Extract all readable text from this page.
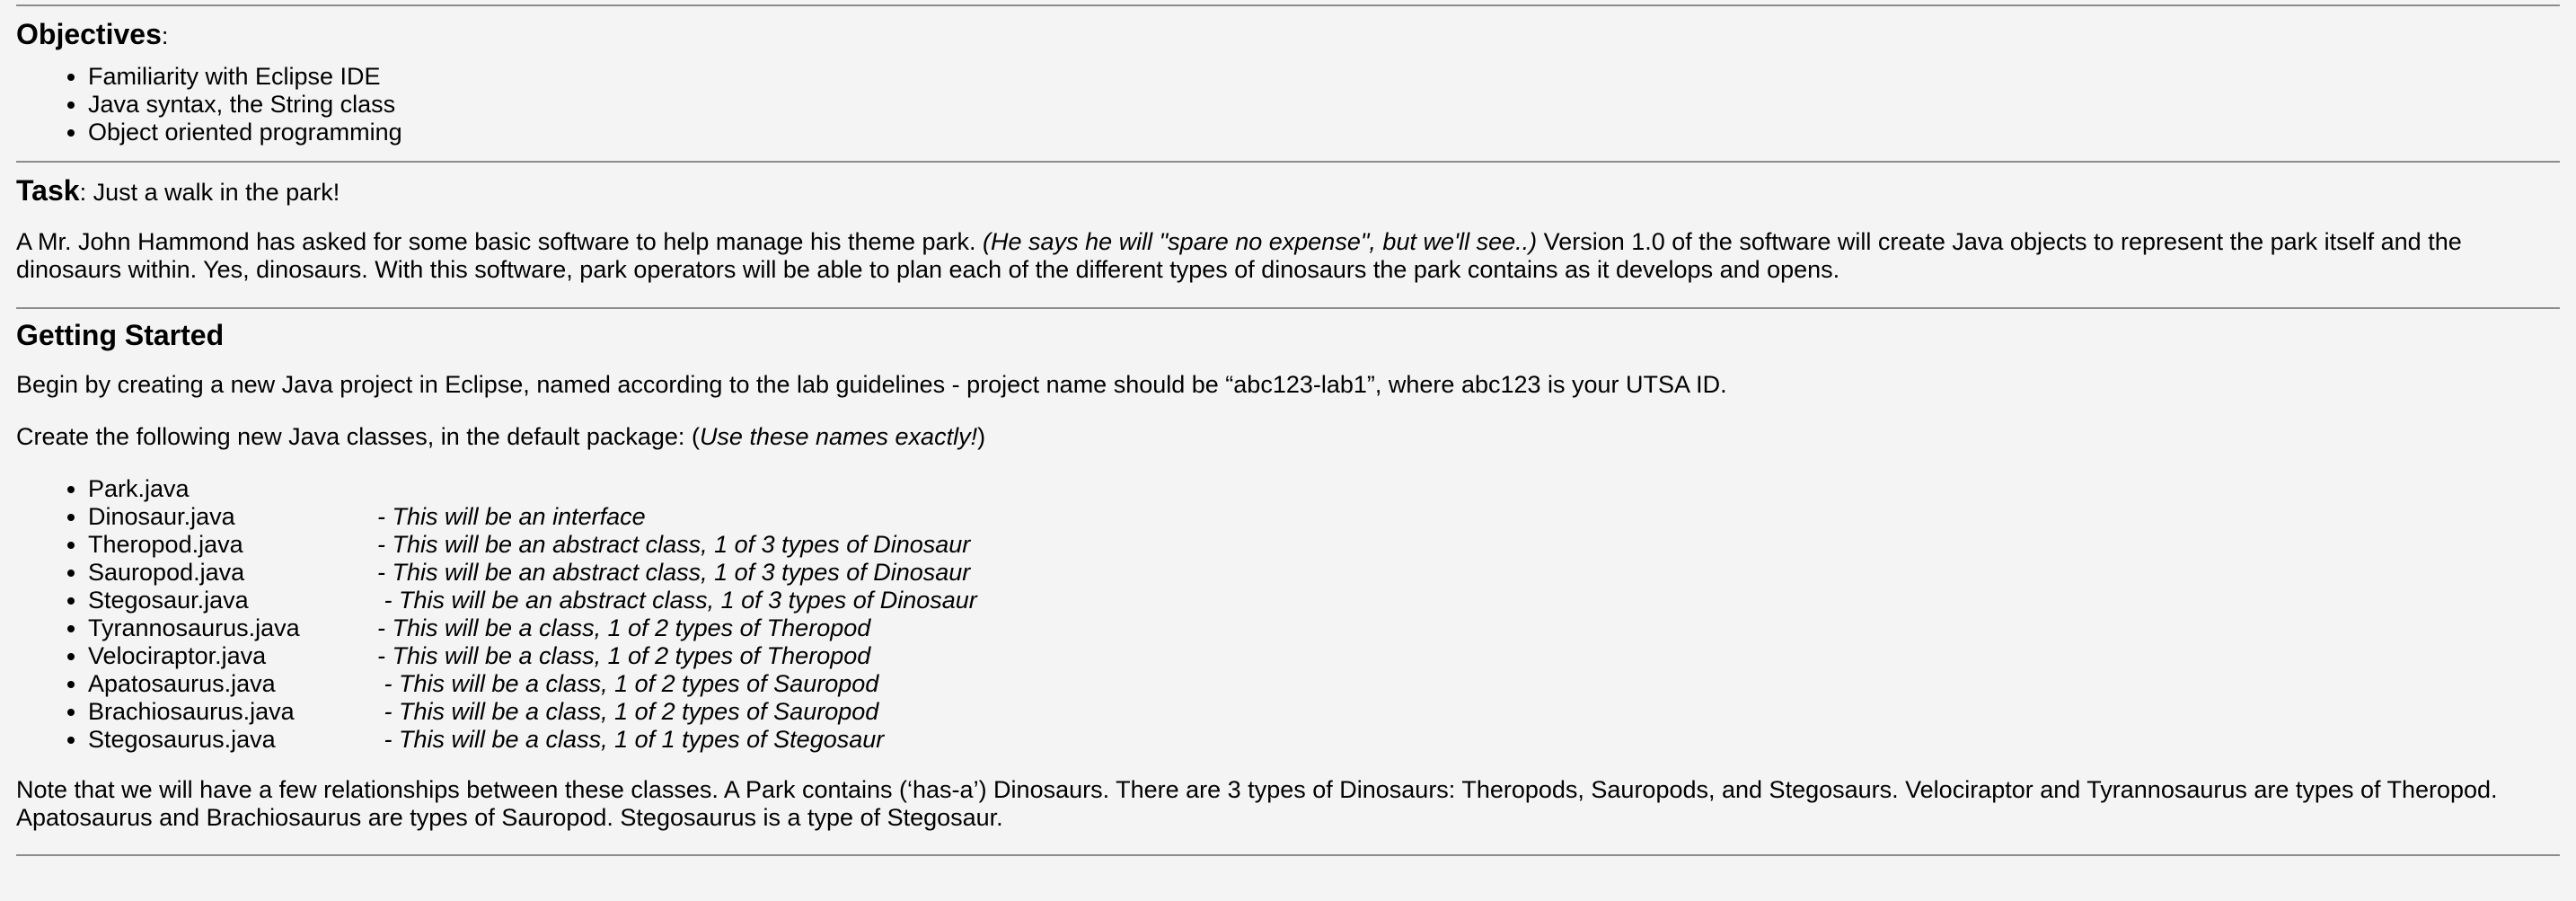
Objectives:
• Familiarity with Eclipse IDE
• Java syntax, the String class
• Object oriented programming
Task: Just a walk in the park!

A Mr. John Hammond has asked for some basic software to help manage his theme park. (He says he will "spare no expense", but we'll see..) Version 1.0 of the software will create Java objects to represent the park itself and the dinosaurs within. Yes, dinosaurs. With this software, park operators will be able to plan each of the different types of dinosaurs the park contains as it develops and opens.

Getting Started

Begin by creating a new Java project in Eclipse, named according to the lab guidelines - project name should be “abc123-lab1”, where abc123 is your UTSA ID.

Create the following new Java classes, in the default package: (Use these names exactly!)

• Park.java
• Dinosaur.java	- This will be an interface
• Theropod.java	- This will be an abstract class, 1 of 3 types of Dinosaur
• Sauropod.java	- This will be an abstract class, 1 of 3 types of Dinosaur
• Stegosaur.java	- This will be an abstract class, 1 of 3 types of Dinosaur
• Tyrannosaurus.java	- This will be a class, 1 of 2 types of Theropod
• Velociraptor.java	- This will be a class, 1 of 2 types of Theropod
• Apatosaurus.java	- This will be a class, 1 of 2 types of Sauropod
• Brachiosaurus.java	- This will be a class, 1 of 2 types of Sauropod
• Stegosaurus.java	- This will be a class, 1 of 1 types of Stegosaur

Note that we will have a few relationships between these classes. A Park contains (‘has-a’) Dinosaurs. There are 3 types of Dinosaurs: Theropods, Sauropods, and Stegosaurs. Velociraptor and Tyrannosaurus are types of Theropod. Apatosaurus and Brachiosaurus are types of Sauropod. Stegosaurus is a type of Stegosaur.
